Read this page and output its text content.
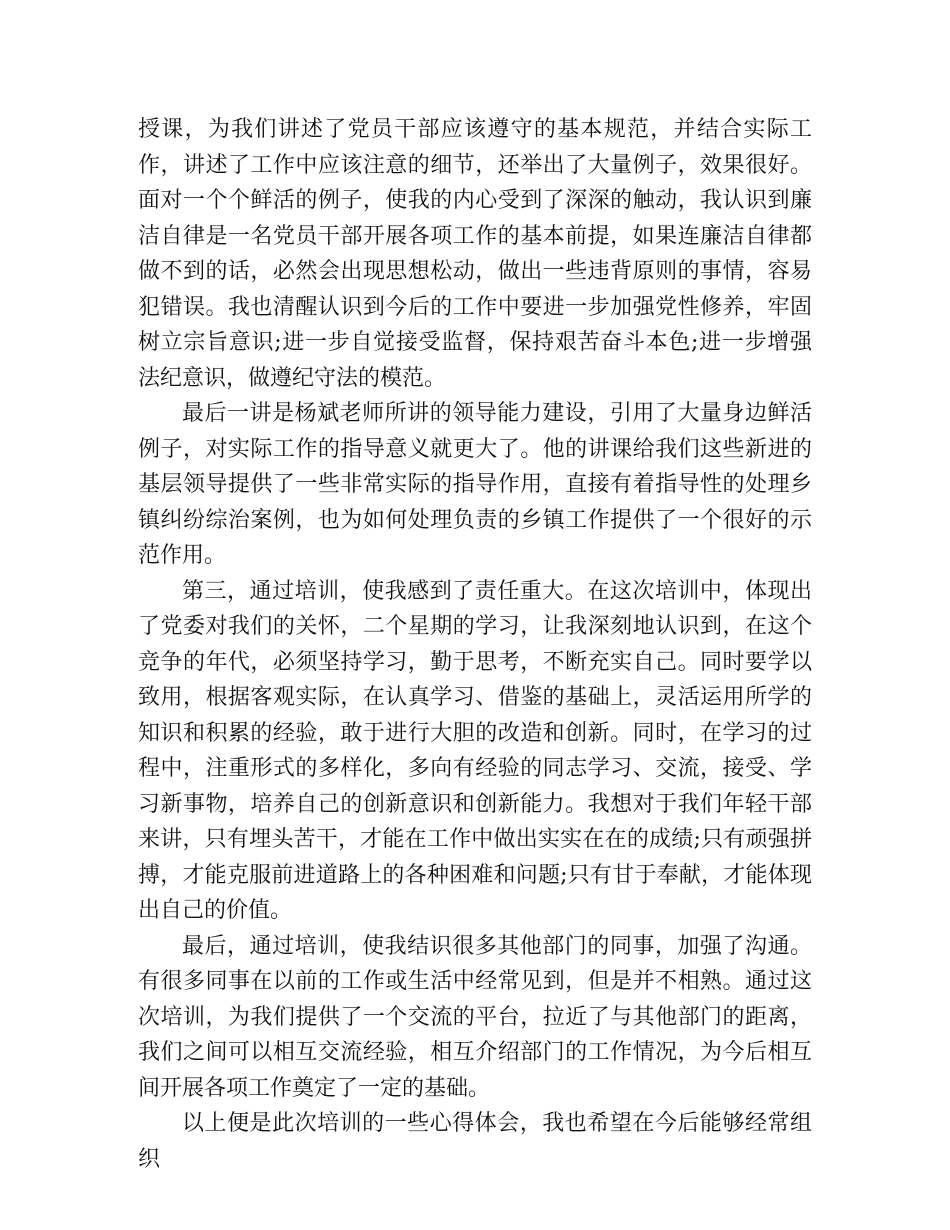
授课，为我们讲述了党员干部应该遵守的基本规范，并结合实际工作，讲述了工作中应该注意的细节，还举出了大量例子，效果很好。面对一个个鲜活的例子，使我的内心受到了深深的触动，我认识到廉洁自律是一名党员干部开展各项工作的基本前提，如果连廉洁自律都做不到的话，必然会出现思想松动，做出一些违背原则的事情，容易犯错误。我也清醒认识到今后的工作中要进一步加强党性修养，牢固树立宗旨意识;进一步自觉接受监督，保持艰苦奋斗本色;进一步增强法纪意识，做遵纪守法的模范。

最后一讲是杨斌老师所讲的领导能力建设，引用了大量身边鲜活例子，对实际工作的指导意义就更大了。他的讲课给我们这些新进的基层领导提供了一些非常实际的指导作用，直接有着指导性的处理乡镇纠纷综治案例，也为如何处理负责的乡镇工作提供了一个很好的示范作用。

第三，通过培训，使我感到了责任重大。在这次培训中，体现出了党委对我们的关怀，二个星期的学习，让我深刻地认识到，在这个竞争的年代，必须坚持学习，勤于思考，不断充实自己。同时要学以致用，根据客观实际，在认真学习、借鉴的基础上，灵活运用所学的知识和积累的经验，敢于进行大胆的改造和创新。同时，在学习的过程中，注重形式的多样化，多向有经验的同志学习、交流，接受、学习新事物，培养自己的创新意识和创新能力。我想对于我们年轻干部来讲，只有埋头苦干，才能在工作中做出实实在在的成绩;只有顽强拼搏，才能克服前进道路上的各种困难和问题;只有甘于奉献，才能体现出自己的价值。

最后，通过培训，使我结识很多其他部门的同事，加强了沟通。有很多同事在以前的工作或生活中经常见到，但是并不相熟。通过这次培训，为我们提供了一个交流的平台，拉近了与其他部门的距离，我们之间可以相互交流经验，相互介绍部门的工作情况，为今后相互间开展各项工作奠定了一定的基础。

以上便是此次培训的一些心得体会，我也希望在今后能够经常组织
